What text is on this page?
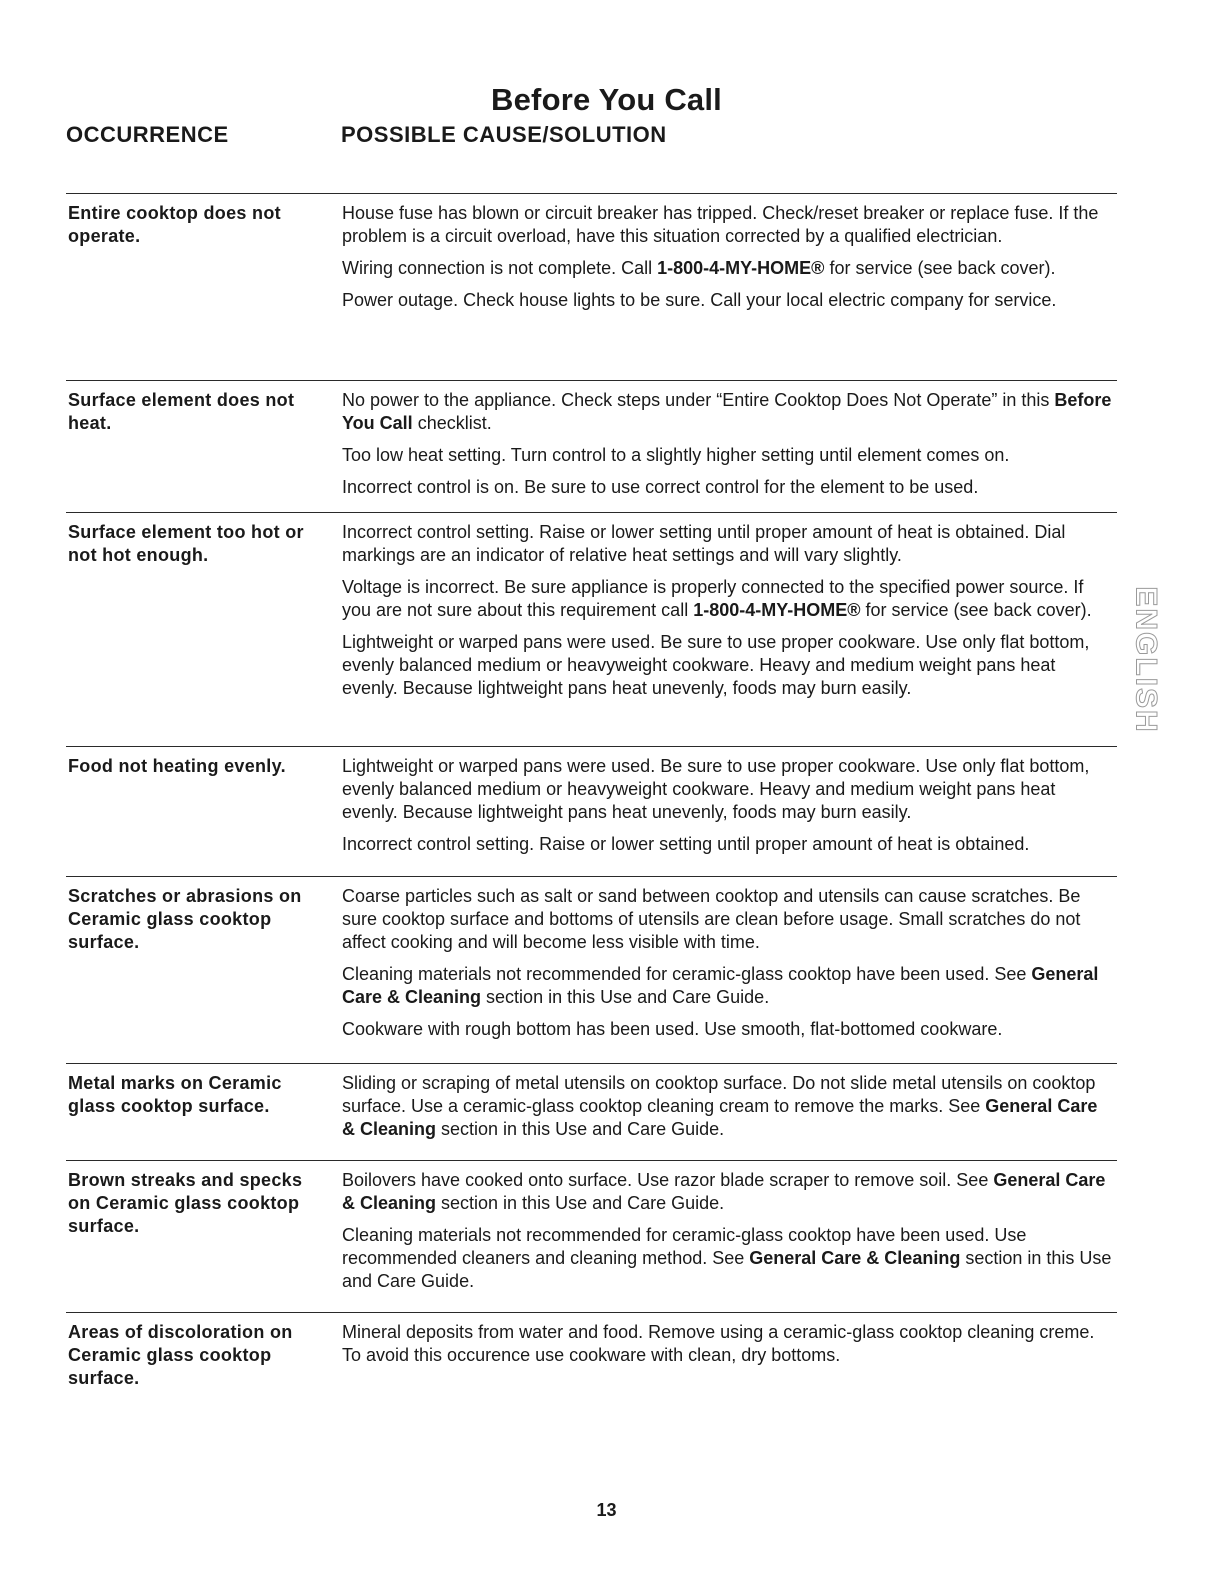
Before You Call
OCCURRENCE	POSSIBLE CAUSE/SOLUTION
Entire cooktop does not operate.

House fuse has blown or circuit breaker has tripped. Check/reset breaker or replace fuse. If the problem is a circuit overload, have this situation corrected by a qualified electrician.

Wiring connection is not complete. Call 1-800-4-MY-HOME® for service (see back cover).

Power outage. Check house lights to be sure. Call your local electric company for service.

Surface element does not heat.

No power to the appliance. Check steps under “Entire Cooktop Does Not Operate” in this Before You Call checklist.

Too low heat setting. Turn control to a slightly higher setting until element comes on.

Incorrect control is on. Be sure to use correct control for the element to be used.

Surface element too hot or not hot enough.

Incorrect control setting. Raise or lower setting until proper amount of heat is obtained. Dial markings are an indicator of relative heat settings and will vary slightly.

Voltage is incorrect. Be sure appliance is properly connected to the specified power source. If you are not sure about this requirement call 1-800-4-MY-HOME® for service (see back cover).

Lightweight or warped pans were used. Be sure to use proper cookware. Use only flat bottom, evenly balanced medium or heavyweight cookware. Heavy and medium weight pans heat evenly. Because lightweight pans heat unevenly, foods may burn easily.

Food not heating evenly.	Lightweight or warped pans were used. Be sure to use proper cookware. Use only flat bottom, evenly balanced medium or heavyweight cookware. Heavy and medium weight pans heat evenly. Because lightweight pans heat unevenly, foods may burn easily.

Incorrect control setting. Raise or lower setting until proper amount of heat is obtained.

Scratches or abrasions on Ceramic glass cooktop surface.

Coarse particles such as salt or sand between cooktop and utensils can cause scratches. Be sure cooktop surface and bottoms of utensils are clean before usage. Small scratches do not affect cooking and will become less visible with time.

Cleaning materials not recommended for ceramic-glass cooktop have been used. See General Care & Cleaning section in this Use and Care Guide.

Cookware with rough bottom has been used. Use smooth, flat-bottomed cookware.

Metal marks on Ceramic glass cooktop surface.

Sliding or scraping of metal utensils on cooktop surface. Do not slide metal utensils on cooktop surface. Use a ceramic-glass cooktop cleaning cream to remove the marks. See General Care & Cleaning section in this Use and Care Guide.

Brown streaks and specks on Ceramic glass cooktop surface.

Boilovers have cooked onto surface. Use razor blade scraper to remove soil. See General Care & Cleaning section in this Use and Care Guide.

Cleaning materials not recommended for ceramic-glass cooktop have been used. Use recommended cleaners and cleaning method. See General Care & Cleaning section in this Use and Care Guide.

Areas of discoloration on Ceramic glass cooktop surface.

Mineral deposits from water and food. Remove using a ceramic-glass cooktop cleaning creme. To avoid this occurence use cookware with clean, dry bottoms.

ENGLISH
13
